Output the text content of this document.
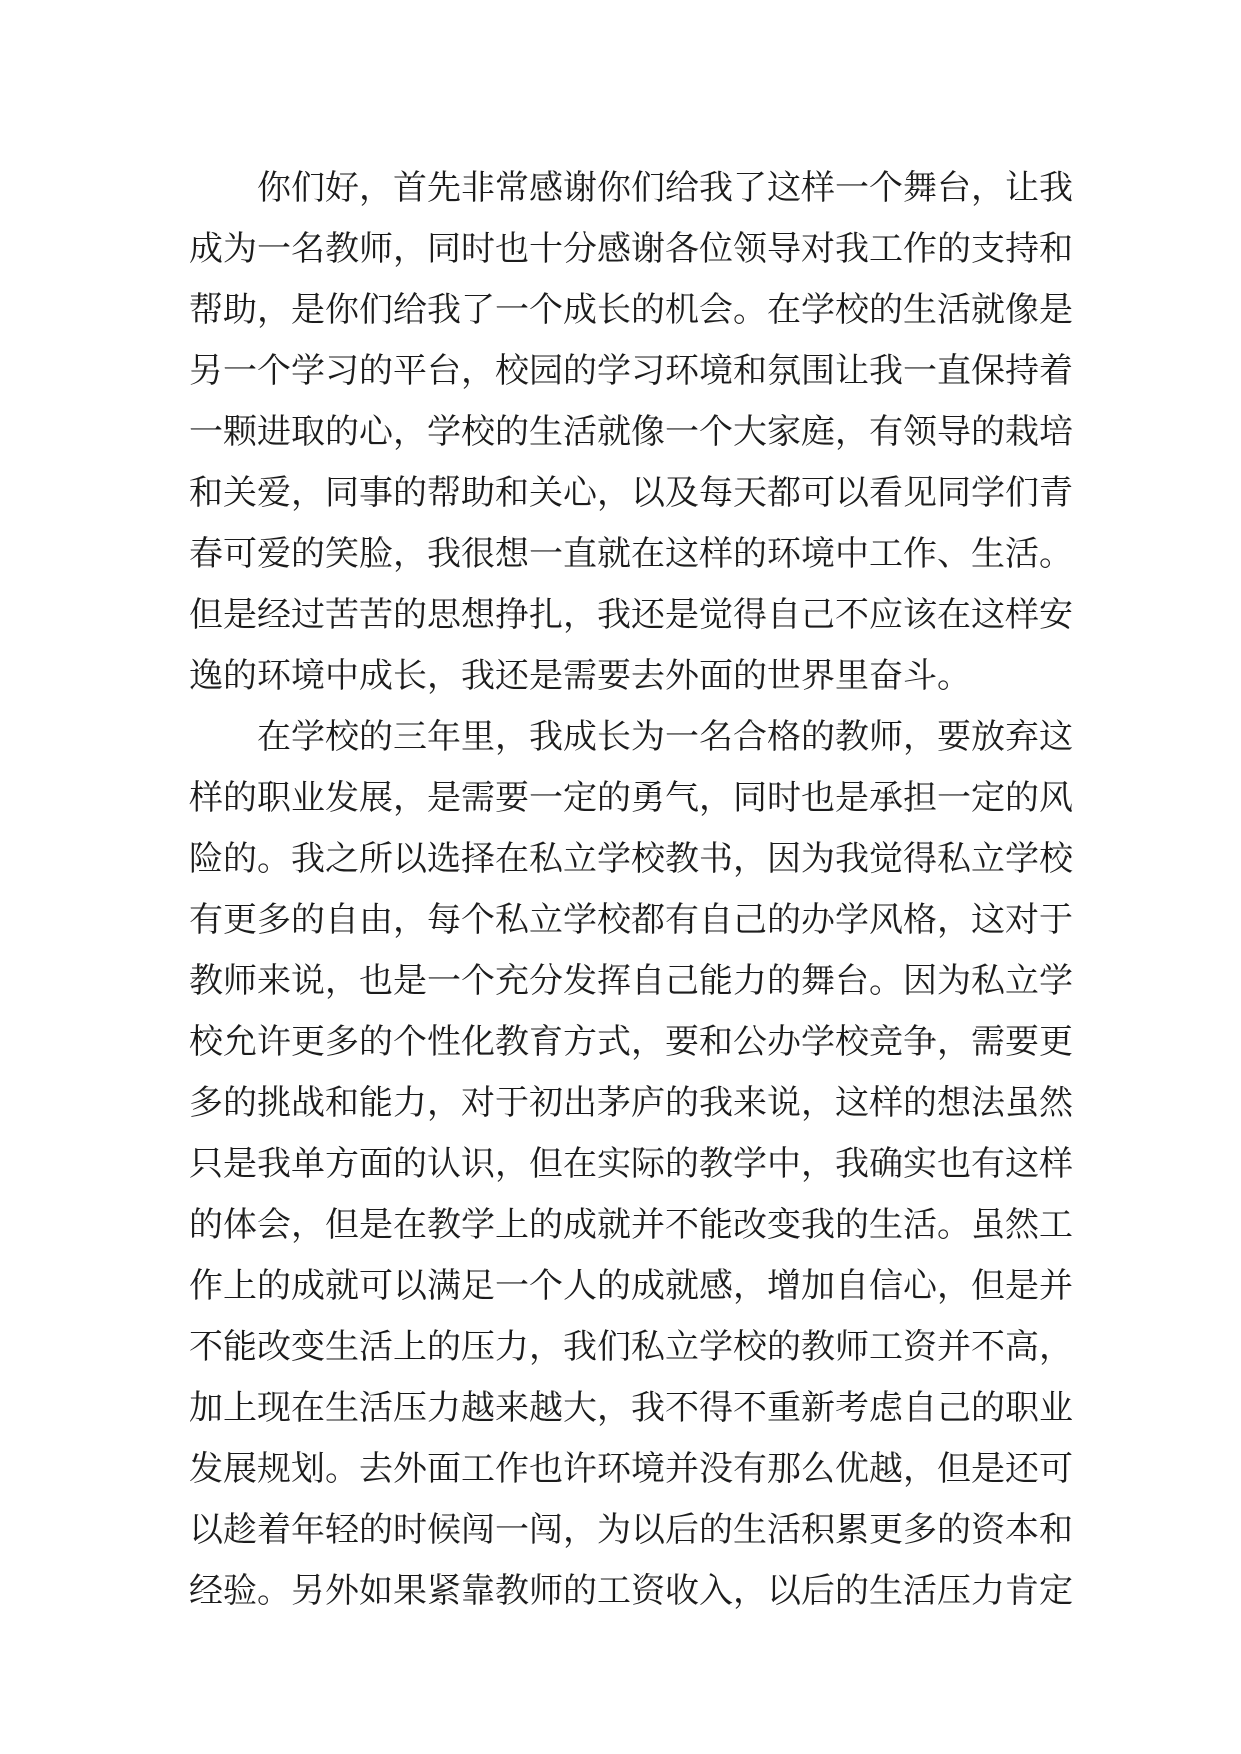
你们好，首先非常感谢你们给我了这样一个舞台，让我
成为一名教师，同时也十分感谢各位领导对我工作的支持和
帮助，是你们给我了一个成长的机会。在学校的生活就像是
另一个学习的平台，校园的学习环境和氛围让我一直保持着
一颗进取的心，学校的生活就像一个大家庭，有领导的栽培
和关爱，同事的帮助和关心，以及每天都可以看见同学们青
春可爱的笑脸，我很想一直就在这样的环境中工作、生活。
但是经过苦苦的思想挣扎，我还是觉得自己不应该在这样安
逸的环境中成长，我还是需要去外面的世界里奋斗。
在学校的三年里，我成长为一名合格的教师，要放弃这
样的职业发展，是需要一定的勇气，同时也是承担一定的风
险的。我之所以选择在私立学校教书，因为我觉得私立学校
有更多的自由，每个私立学校都有自己的办学风格，这对于
教师来说，也是一个充分发挥自己能力的舞台。因为私立学
校允许更多的个性化教育方式，要和公办学校竞争，需要更
多的挑战和能力，对于初出茅庐的我来说，这样的想法虽然
只是我单方面的认识，但在实际的教学中，我确实也有这样
的体会，但是在教学上的成就并不能改变我的生活。虽然工
作上的成就可以满足一个人的成就感，增加自信心，但是并
不能改变生活上的压力，我们私立学校的教师工资并不高，
加上现在生活压力越来越大，我不得不重新考虑自己的职业
发展规划。去外面工作也许环境并没有那么优越，但是还可
以趁着年轻的时候闯一闯，为以后的生活积累更多的资本和
经验。另外如果紧靠教师的工资收入，以后的生活压力肯定
